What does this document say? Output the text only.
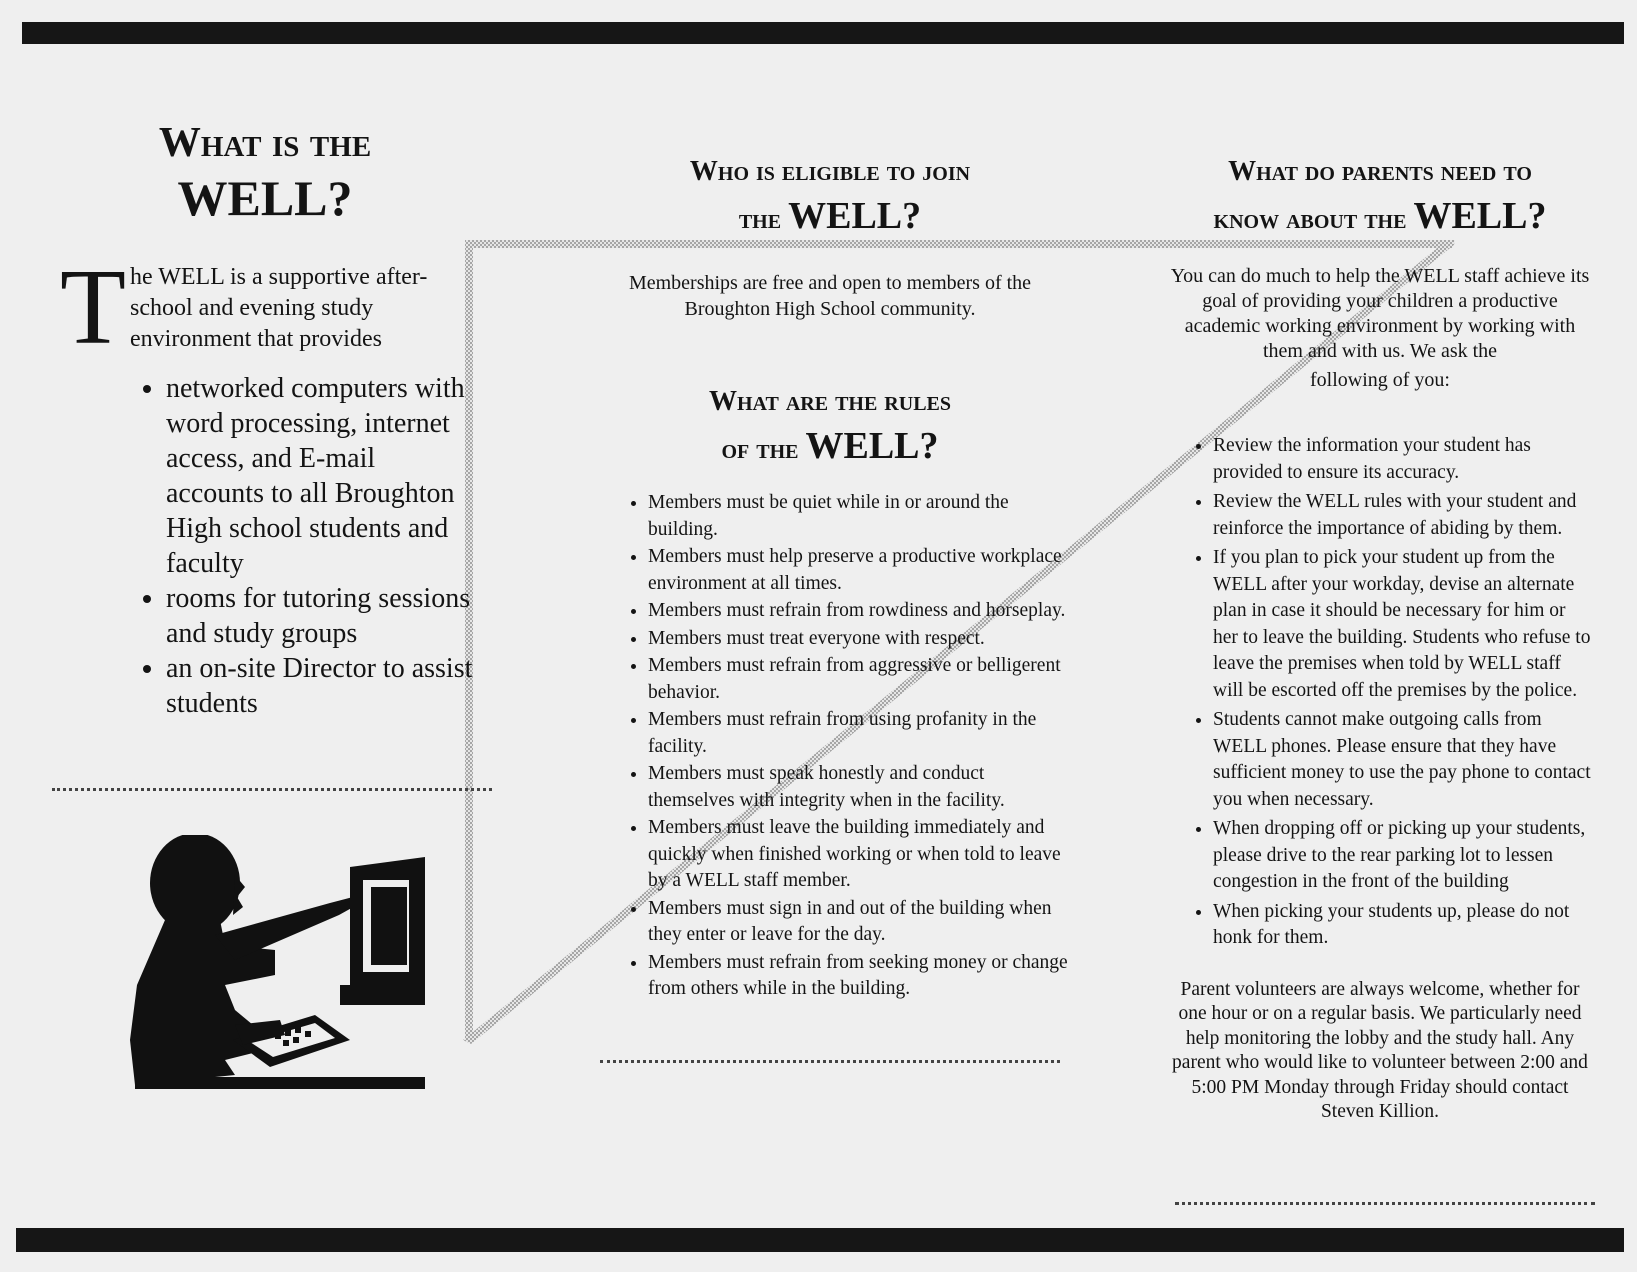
What is the
WELL?
T he WELL is a supportive after-school and evening study environment that provides
• networked computers with word processing, internet access, and E-mail accounts to all Broughton High school students and faculty
• rooms for tutoring sessions and study groups
• an on-site Director to assist students
Who is eligible to join
the WELL?
Memberships are free and open to members of the Broughton High School community.
What are the rules
of the WELL?
• Members must be quiet while in or around the building.
• Members must help preserve a productive workplace environment at all times.
• Members must refrain from rowdiness and horseplay.
• Members must treat everyone with respect.
• Members must refrain from aggressive or belligerent behavior.
• Members must refrain from using profanity in the facility.
• Members must speak honestly and conduct themselves with integrity when in the facility.
• Members must leave the building immediately and quickly when finished working or when told to leave by a WELL staff member.
• Members must sign in and out of the building when they enter or leave for the day.
• Members must refrain from seeking money or change from others while in the building.
What do parents need to
know about the WELL?
You can do much to help the WELL staff achieve its goal of providing your children a productive academic working environment by working with them and with us. We ask the
following of you:
• Review the information your student has provided to ensure its accuracy.
• Review the WELL rules with your student and reinforce the importance of abiding by them.
• If you plan to pick your student up from the WELL after your workday, devise an alternate plan in case it should be necessary for him or her to leave the building. Students who refuse to leave the premises when told by WELL staff will be escorted off the premises by the police.
• Students cannot make outgoing calls from WELL phones. Please ensure that they have sufficient money to use the pay phone to contact you when necessary.
• When dropping off or picking up your students, please drive to the rear parking lot to lessen congestion in the front of the building
• When picking your students up, please do not honk for them.
Parent volunteers are always welcome, whether for one hour or on a regular basis. We particularly need help monitoring the lobby and the study hall. Any parent who would like to volunteer between 2:00 and 5:00 PM Monday through Friday should contact Steven Killion.
